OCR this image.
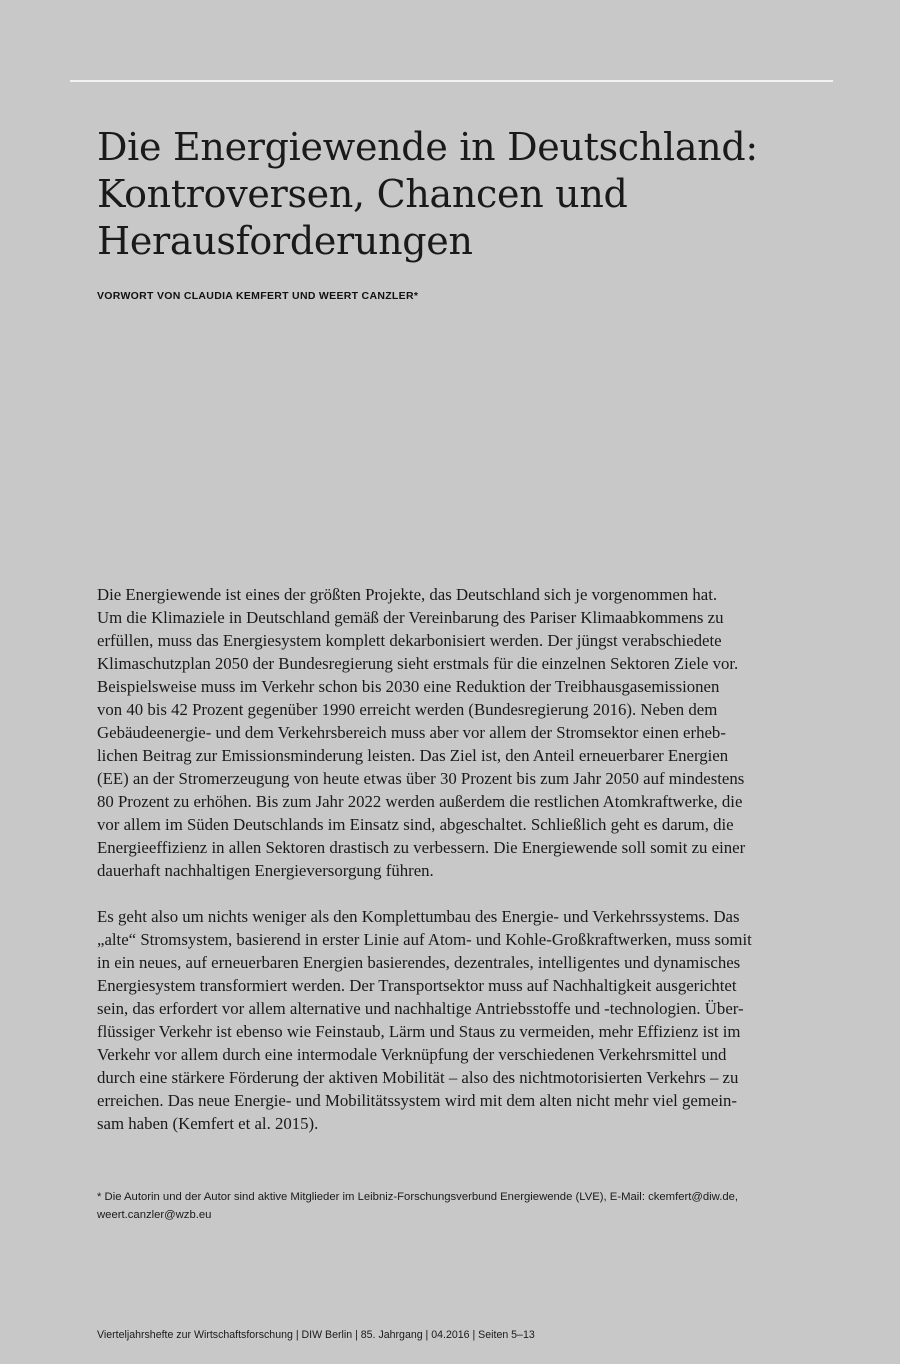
Die Energiewende in Deutschland:
Kontroversen, Chancen und
Herausforderungen

VORWORT VON CLAUDIA KEMFERT UND WEERT CANZLER*

Die Energiewende ist eines der größten Projekte, das Deutschland sich je vorgenommen hat.
Um die Klimaziele in Deutschland gemäß der Vereinbarung des Pariser Klimaabkommens zu
erfüllen, muss das Energiesystem komplett dekarbonisiert werden. Der jüngst verabschiedete
Klimaschutzplan 2050 der Bundesregierung sieht erstmals für die einzelnen Sektoren Ziele vor.
Beispielsweise muss im Verkehr schon bis 2030 eine Reduktion der Treibhausgasemissionen
von 40 bis 42 Prozent gegenüber 1990 erreicht werden (Bundesregierung 2016). Neben dem
Gebäudeenergie- und dem Verkehrsbereich muss aber vor allem der Stromsektor einen erheb-
lichen Beitrag zur Emissionsminderung leisten. Das Ziel ist, den Anteil erneuerbarer Energien
(EE) an der Stromerzeugung von heute etwas über 30 Prozent bis zum Jahr 2050 auf mindestens
80 Prozent zu erhöhen. Bis zum Jahr 2022 werden außerdem die restlichen Atomkraftwerke, die
vor allem im Süden Deutschlands im Einsatz sind, abgeschaltet. Schließlich geht es darum, die
Energieeffizienz in allen Sektoren drastisch zu verbessern. Die Energiewende soll somit zu einer
dauerhaft nachhaltigen Energieversorgung führen.

Es geht also um nichts weniger als den Komplettumbau des Energie- und Verkehrssystems. Das
„alte“ Stromsystem, basierend in erster Linie auf Atom- und Kohle-Großkraftwerken, muss somit
in ein neues, auf erneuerbaren Energien basierendes, dezentrales, intelligentes und dynamisches
Energiesystem transformiert werden. Der Transportsektor muss auf Nachhaltigkeit ausgerichtet
sein, das erfordert vor allem alternative und nachhaltige Antriebsstoffe und -technologien. Über-
flüssiger Verkehr ist ebenso wie Feinstaub, Lärm und Staus zu vermeiden, mehr Effizienz ist im
Verkehr vor allem durch eine intermodale Verknüpfung der verschiedenen Verkehrsmittel und
durch eine stärkere Förderung der aktiven Mobilität – also des nichtmotorisierten Verkehrs – zu
erreichen. Das neue Energie- und Mobilitätssystem wird mit dem alten nicht mehr viel gemein-
sam haben (Kemfert et al. 2015).

* Die Autorin und der Autor sind aktive Mitglieder im Leibniz-Forschungsverbund Energiewende (LVE), E-Mail: ckemfert@diw.de,
weert.canzler@wzb.eu

Vierteljahrshefte zur Wirtschaftsforschung | DIW Berlin | 85. Jahrgang | 04.2016 | Seiten 5–13
